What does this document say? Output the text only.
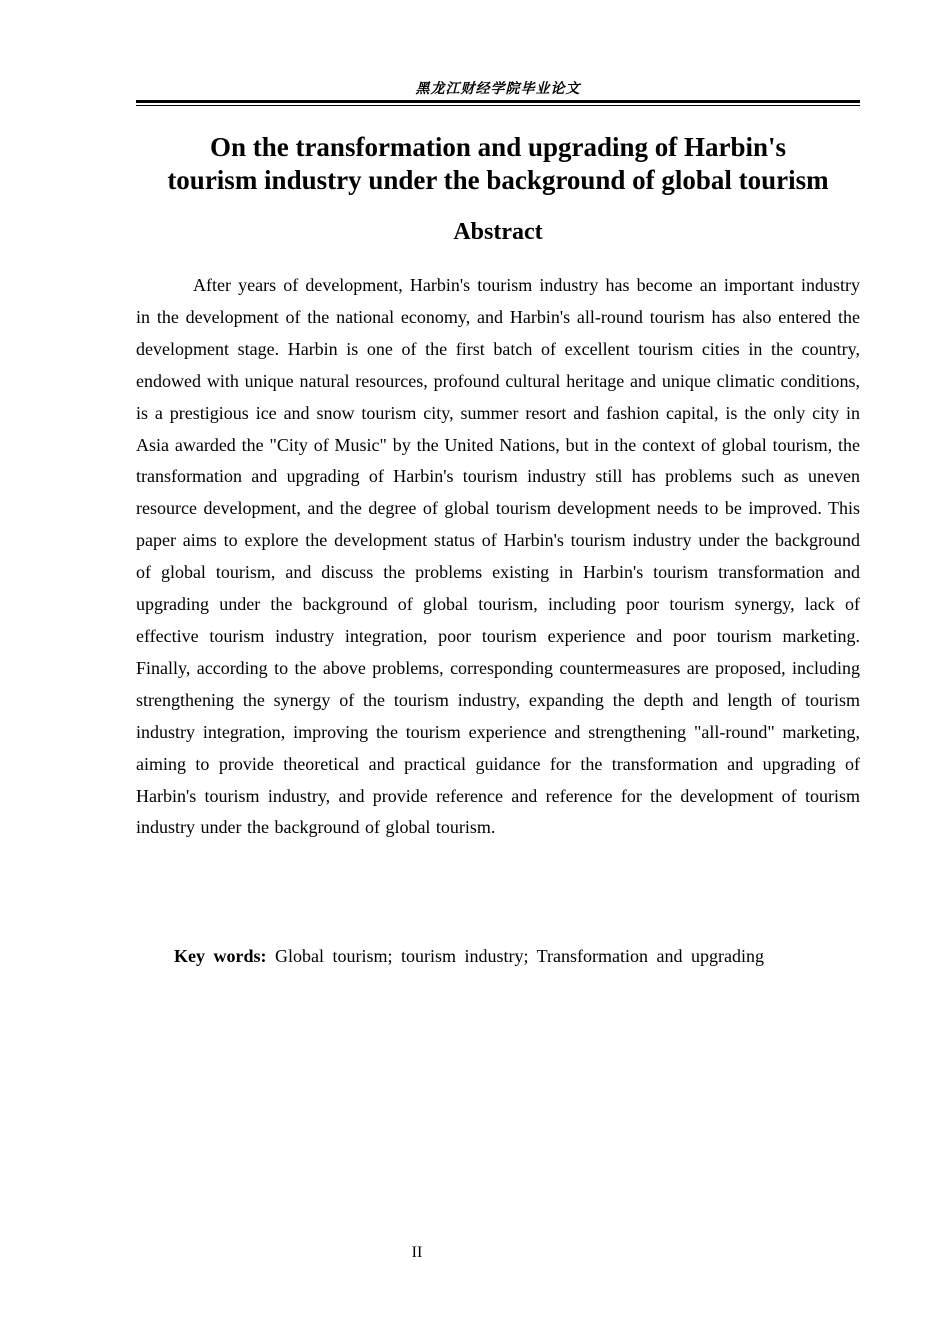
黑龙江财经学院毕业论文
On the transformation and upgrading of Harbin's
tourism industry under the background of global tourism
Abstract

After years of development, Harbin's tourism industry has become an important industry in the development of the national economy, and Harbin's all-round tourism has also entered the development stage. Harbin is one of the first batch of excellent tourism cities in the country, endowed with unique natural resources, profound cultural heritage and unique climatic conditions, is a prestigious ice and snow tourism city, summer resort and fashion capital, is the only city in Asia awarded the "City of Music" by the United Nations, but in the context of global tourism, the transformation and upgrading of Harbin's tourism industry still has problems such as uneven resource development, and the degree of global tourism development needs to be improved. This paper aims to explore the development status of Harbin's tourism industry under the background of global tourism, and discuss the problems existing in Harbin's tourism transformation and upgrading under the background of global tourism, including poor tourism synergy, lack of effective tourism industry integration, poor tourism experience and poor tourism marketing. Finally, according to the above problems, corresponding countermeasures are proposed, including strengthening the synergy of the tourism industry, expanding the depth and length of tourism industry integration, improving the tourism experience and strengthening "all-round" marketing, aiming to provide theoretical and practical guidance for the transformation and upgrading of Harbin's tourism industry, and provide reference and reference for the development of tourism industry under the background of global tourism.

Key words: Global tourism; tourism industry; Transformation and upgrading
II
